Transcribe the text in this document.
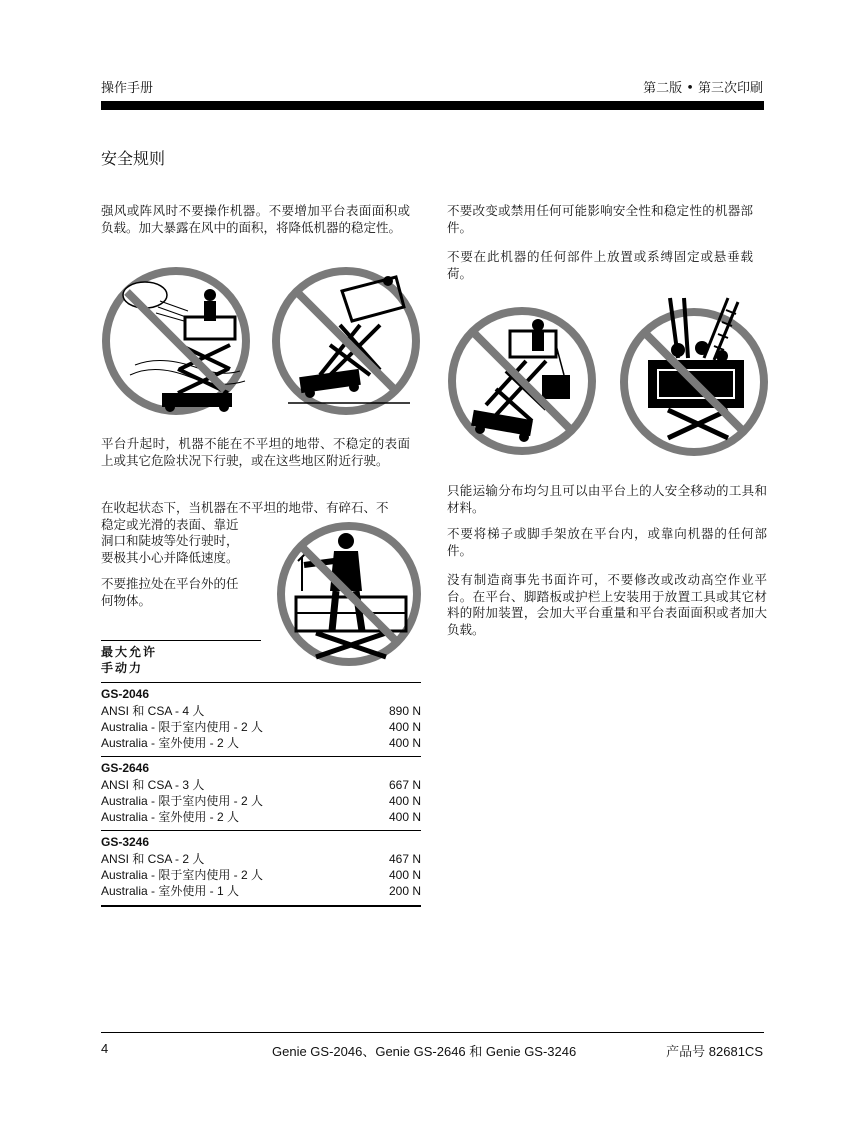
操作手册	第二版 • 第三次印刷
安全规则
强风或阵风时不要操作机器。不要增加平台表面面积或负载。加大暴露在风中的面积，将降低机器的稳定性。
平台升起时，机器不能在不平坦的地带、不稳定的表面上或其它危险状况下行驶，或在这些地区附近行驶。
在收起状态下，当机器在不平坦的地带、有碎石、不
稳定或光滑的表面、靠近
洞口和陡坡等处行驶时，
要极其小心并降低速度。
不要推拉处在平台外的任
何物体。
最大允许
手动力
GS-2046
ANSI 和 CSA - 4 人	890 N
Australia - 限于室内使用 - 2 人	400 N
Australia - 室外使用 - 2 人	400 N
GS-2646
ANSI 和 CSA - 3 人	667 N
Australia - 限于室内使用 - 2 人	400 N
Australia - 室外使用 - 2 人	400 N
GS-3246
ANSI 和 CSA - 2 人	467 N
Australia - 限于室内使用 - 2 人	400 N
Australia - 室外使用 - 1 人	200 N
不要改变或禁用任何可能影响安全性和稳定性的机器部件。
不要在此机器的任何部件上放置或系缚固定或悬垂载荷。
只能运输分布均匀且可以由平台上的人安全移动的工具和材料。
不要将梯子或脚手架放在平台内，或靠向机器的任何部件。
没有制造商事先书面许可，不要修改或改动高空作业平台。在平台、脚踏板或护栏上安装用于放置工具或其它材料的附加装置，会加大平台重量和平台表面面积或者加大负载。
4	Genie GS-2046、Genie GS-2646 和 Genie GS-3246	产品号 82681CS
